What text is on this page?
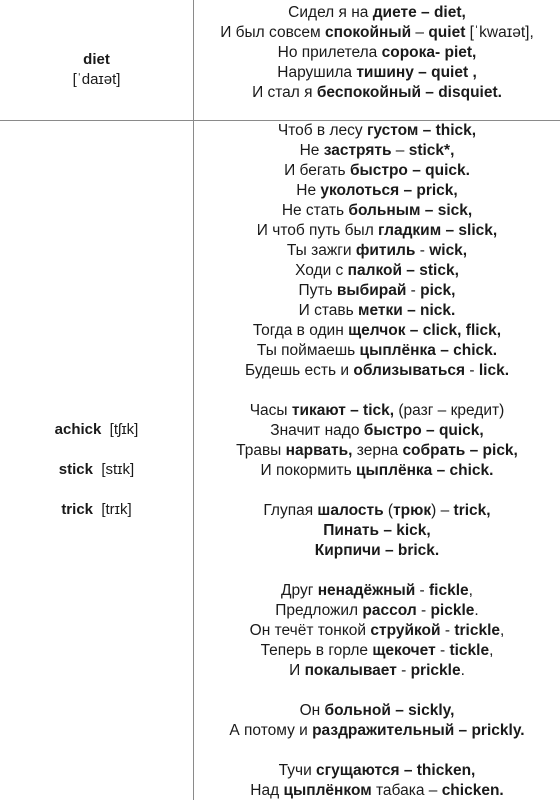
diet
[ˈdaɪət]
Сидел я на диете – diet,
И был совсем спокойный – quiet [ˈkwaɪət],
Но прилетела сорока- piet,
Нарушила тишину – quiet ,
И стал я беспокойный – disquiet.
achick  [tʃɪk]
stick  [stɪk]
trick  [trɪk]
Чтоб в лесу густом – thick,
Не застрять – stick*,
И бегать быстро – quick.
Не уколоться – prick,
Не стать больным – sick,
И чтоб путь был гладким – slick,
Ты зажги фитиль - wick,
Ходи с палкой – stick,
Путь выбирай - pick,
И ставь метки – nick.
Тогда в один щелчок – click, flick,
Ты поймаешь цыплёнка – chick.
Будешь есть и облизываться - lick.
Часы тикают – tick, (разг – кредит)
Значит надо быстро – quick,
Травы нарвать, зерна собрать – pick,
И покормить цыплёнка – chick.
Глупая шалость (трюк) – trick,
Пинать – kick,
Кирпичи – brick.
Друг ненадёжный - fickle,
Предложил рассол - pickle.
Он течёт тонкой струйкой - trickle,
Теперь в горле щекочет - tickle,
И покалывает - prickle.
Он больной – sickly,
А потому и раздражительный – prickly.
Тучи сгущаются – thicken,
Над цыплёнком табака – chicken.
